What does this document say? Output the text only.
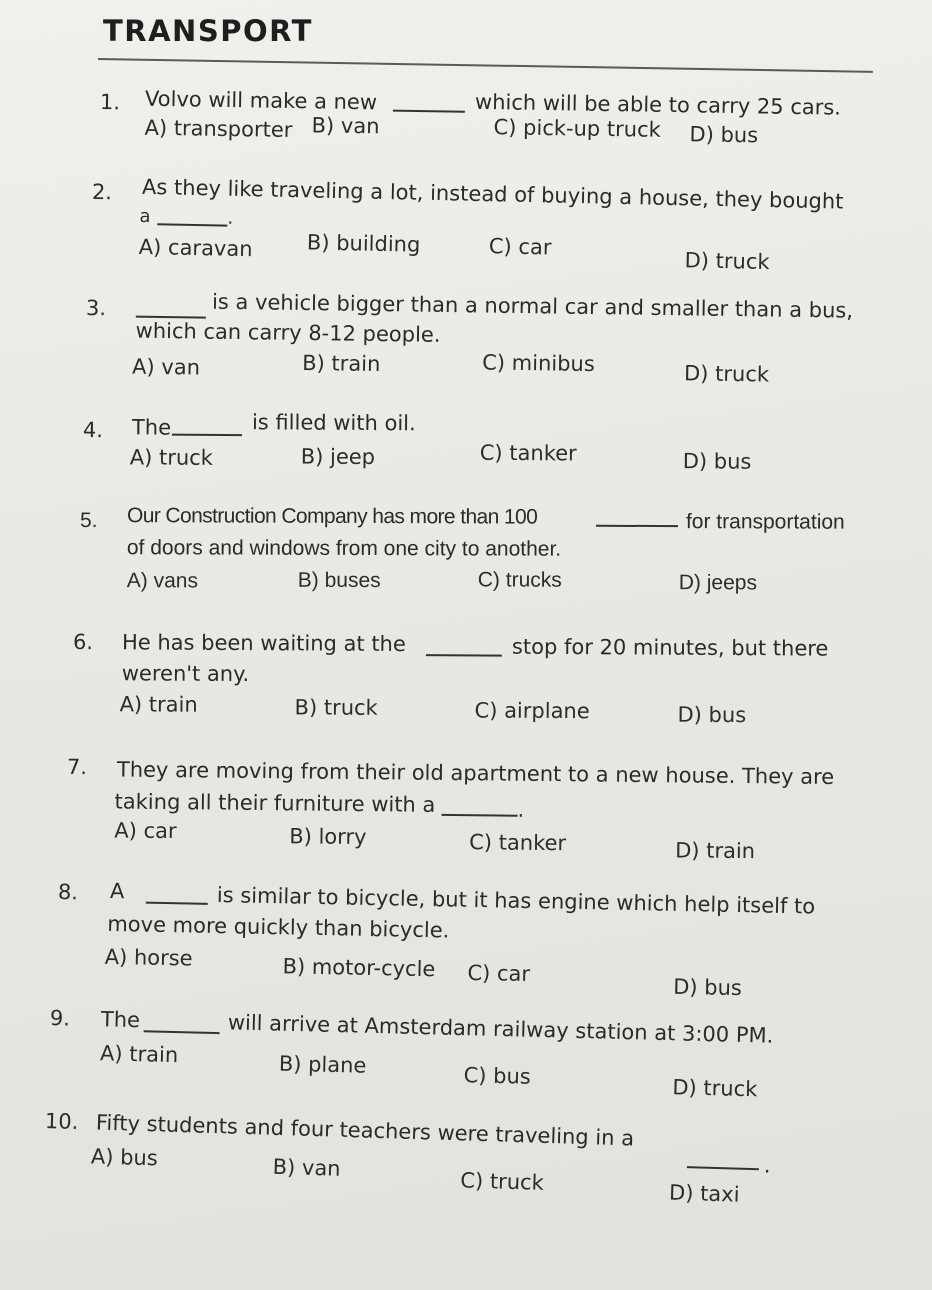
TRANSPORT
1. Volvo will make a new	which will be able to carry 25 cars.
A) transporter B) van	C) pick-up truck D) bus
2. As they like traveling a lot, instead of buying a house, they bought
a	.
A) caravan	B) building	C) car
D) truck
3.	is a vehicle bigger than a normal car and smaller than a bus,
which can carry 8-12 people.
A) van	B) train	C) minibus	D) truck
4. The	is filled with oil.
A) truck	B) jeep	C) tanker	D) bus
5. Our Construction Company has more than 100	for transportation
of doors and windows from one city to another.
A) vans	B) buses	C) trucks	D) jeeps
6. He has been waiting at the	stop for 20 minutes, but there
weren't any.
A) train	B) truck	C) airplane	D) bus
7. They are moving from their old apartment to a new house. They are
taking all their furniture with a	.
A) car	B) lorry	C) tanker	D) train
8. A	is similar to bicycle, but it has engine which help itself to
move more quickly than bicycle.
A) horse	B) motor-cycle C) car
D) bus
9. The	will arrive at Amsterdam railway station at 3:00 PM.
A) train	B) plane	C) bus	D) truck
10. Fifty students and four teachers were traveling in a
.
A) bus	B) van
C) truck	D) taxi
